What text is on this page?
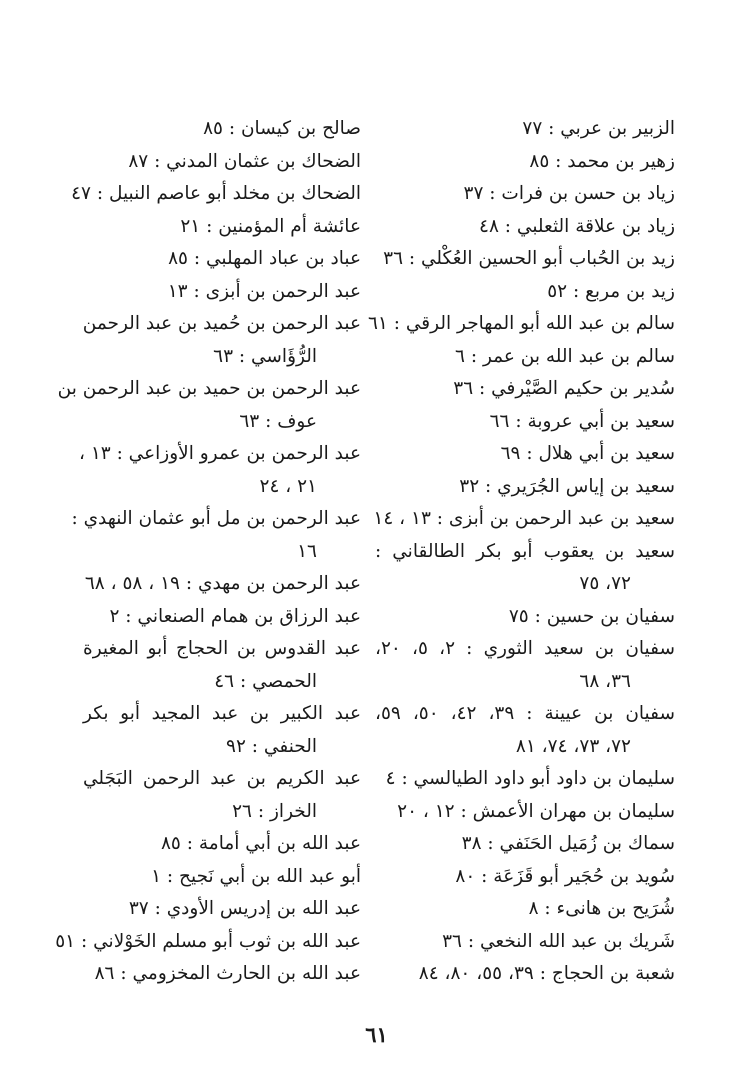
الزبير بن عربي : ٧٧
زهير بن محمد : ٨٥
زياد بن حسن بن فرات : ٣٧
زياد بن علاقة الثعلبي : ٤٨
زيد بن الحُباب أبو الحسين العُكْلي : ٣٦
زيد بن مربع : ٥٢
سالم بن عبد الله أبو المهاجر الرقي : ٦١
سالم بن عبد الله بن عمر : ٦
سُدير بن حكيم الصَّيْرفي : ٣٦
سعيد بن أبي عروبة : ٦٦
سعيد بن أبي هلال : ٦٩
سعيد بن إياس الجُرَيري : ٣٢
سعيد بن عبد الرحمن بن أبزى : ١٣ ، ١٤
سعيد بن يعقوب أبو بكر الطالقاني :
٧٢، ٧٥
سفيان بن حسين : ٧٥
سفيان بن سعيد الثوري : ٢، ٥، ٢٠،
٣٦، ٦٨
سفيان بن عيينة : ٣٩، ٤٢، ٥٠، ٥٩،
٧٢، ٧٣، ٧٤، ٨١
سليمان بن داود أبو داود الطيالسي : ٤
سليمان بن مهران الأعمش : ١٢ ، ٢٠
سماك بن زُمَيل الحَنَفي : ٣٨
سُويد بن حُجَير أبو قَزَعَة : ٨٠
شُرَيح بن هانىء : ٨
شَريك بن عبد الله النخعي : ٣٦
شعبة بن الحجاج : ٣٩، ٥٥، ٨٠، ٨٤
صالح بن كيسان : ٨٥
الضحاك بن عثمان المدني : ٨٧
الضحاك بن مخلد أبو عاصم النبيل : ٤٧
عائشة أم المؤمنين : ٢١
عباد بن عباد المهلبي : ٨٥
عبد الرحمن بن أبزى : ١٣
عبد الرحمن بن حُميد بن عبد الرحمن
الرُّؤَاسي : ٦٣
عبد الرحمن بن حميد بن عبد الرحمن بن
عوف : ٦٣
عبد الرحمن بن عمرو الأوزاعي : ١٣ ،
٢١ ، ٢٤
عبد الرحمن بن مل أبو عثمان النهدي :
١٦
عبد الرحمن بن مهدي : ١٩ ، ٥٨ ، ٦٨
عبد الرزاق بن همام الصنعاني : ٢
عبد القدوس بن الحجاج أبو المغيرة
الحمصي : ٤٦
عبد الكبير بن عبد المجيد أبو بكر
الحنفي : ٩٢
عبد الكريم بن عبد الرحمن البَجَلي
الخراز : ٢٦
عبد الله بن أبي أمامة : ٨٥
أبو عبد الله بن أبي نَجيح : ١
عبد الله بن إدريس الأودي : ٣٧
عبد الله بن ثوب أبو مسلم الخَوْلاني : ٥١
عبد الله بن الحارث المخزومي : ٨٦
٦١
